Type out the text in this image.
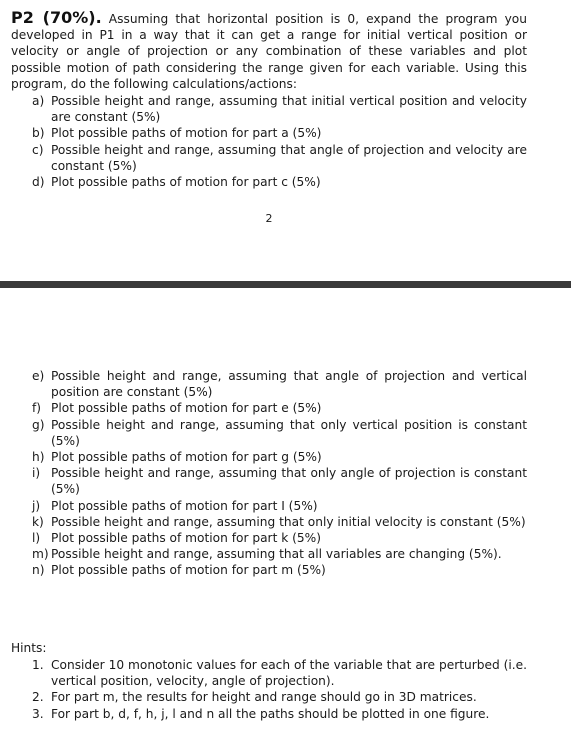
P2 (70%). Assuming that horizontal position is 0, expand the program you developed in P1 in a way that it can get a range for initial vertical position or velocity or angle of projection or any combination of these variables and plot possible motion of path considering the range given for each variable. Using this program, do the following calculations/actions:

a) Possible height and range, assuming that initial vertical position and velocity are constant (5%)
b) Plot possible paths of motion for part a (5%)
c) Possible height and range, assuming that angle of projection and velocity are constant (5%)
d) Plot possible paths of motion for part c (5%)
2
e) Possible height and range, assuming that angle of projection and vertical position are constant (5%)
f) Plot possible paths of motion for part e (5%)
g) Possible height and range, assuming that only vertical position is constant (5%)
h) Plot possible paths of motion for part g (5%)
i) Possible height and range, assuming that only angle of projection is constant (5%)
j) Plot possible paths of motion for part I (5%)
k) Possible height and range, assuming that only initial velocity is constant (5%)
l) Plot possible paths of motion for part k (5%)
m) Possible height and range, assuming that all variables are changing (5%).
n) Plot possible paths of motion for part m (5%)

Hints:

1. Consider 10 monotonic values for each of the variable that are perturbed (i.e. vertical position, velocity, angle of projection).
2. For part m, the results for height and range should go in 3D matrices.
3. For part b, d, f, h, j, l and n all the paths should be plotted in one figure.
